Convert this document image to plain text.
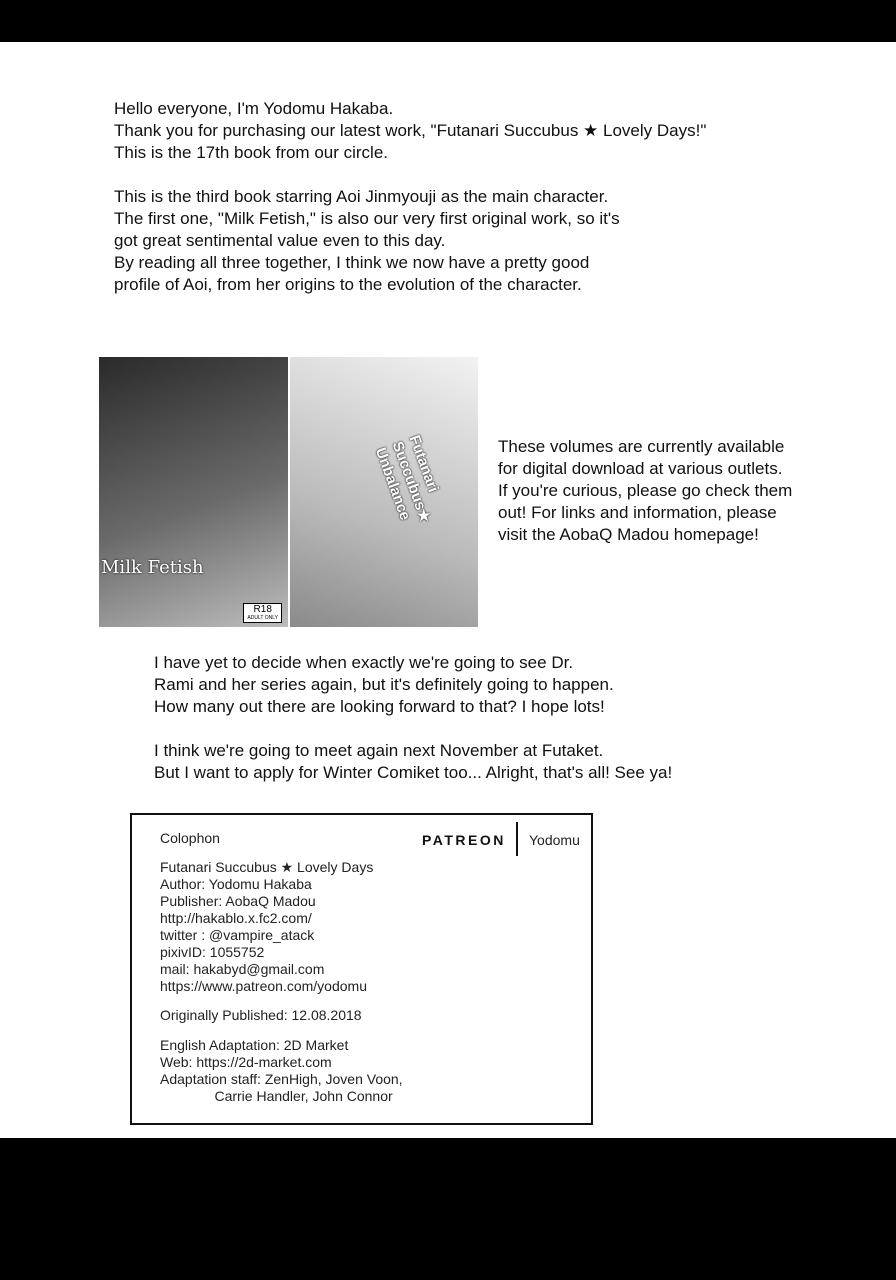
Hello everyone, I'm Yodomu Hakaba.
Thank you for purchasing our latest work, "Futanari Succubus ★ Lovely Days!"
This is the 17th book from our circle.
This is the third book starring Aoi Jinmyouji as the main character.
The first one, "Milk Fetish," is also our very first original work, so it's
got great sentimental value even to this day.
By reading all three together, I think we now have a pretty good
profile of Aoi, from her origins to the evolution of the character.
Milk Fetish
R18
ADULT ONLY
Futanari Succubus★ Unbalance	These volumes are currently available
for digital download at various outlets.
If you're curious, please go check them
out! For links and information, please
visit the AobaQ Madou homepage!
I have yet to decide when exactly we're going to see Dr.
Rami and her series again, but it's definitely going to happen.
How many out there are looking forward to that? I hope lots!
I think we're going to meet again next November at Futaket.
But I want to apply for Winter Comiket too... Alright, that's all! See ya!
Colophon	PATREON Yodomu
Futanari Succubus ★ Lovely Days
Author: Yodomu Hakaba
Publisher: AobaQ Madou
http://hakablo.x.fc2.com/
twitter : @vampire_atack
pixivID: 1055752
mail: hakabyd@gmail.com
https://www.patreon.com/yodomu
Originally Published: 12.08.2018
English Adaptation: 2D Market
Web: https://2d-market.com
Adaptation staff: ZenHigh, Joven Voon,
Carrie Handler, John Connor
